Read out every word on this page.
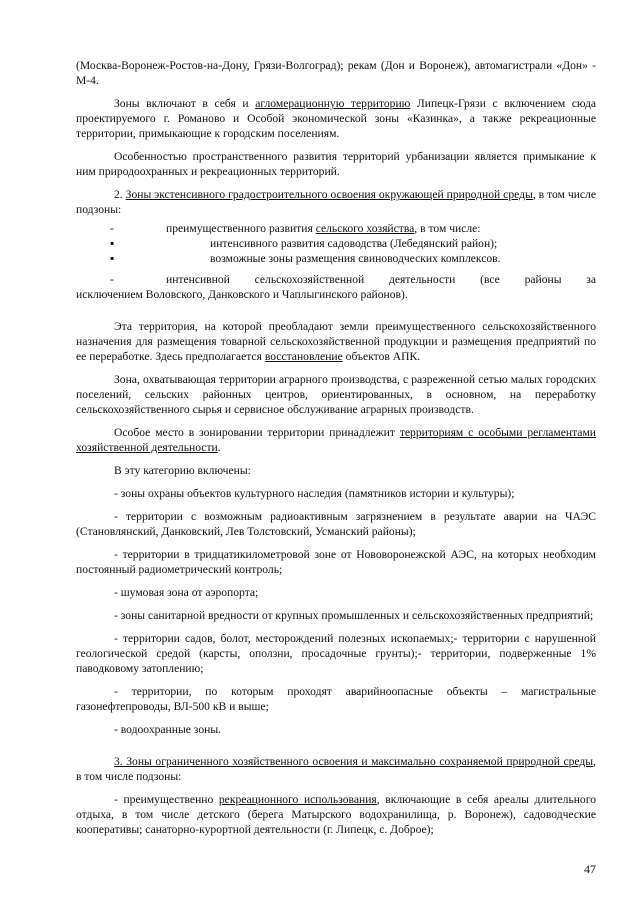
(Москва-Воронеж-Ростов-на-Дону, Грязи-Волгоград); рекам (Дон и Воронеж), автомагистрали «Дон» - М-4.

Зоны включают в себя и агломерационную территорию Липецк-Грязи с включением сюда проектируемого г. Романово и Особой экономической зоны «Казинка», а также рекреационные территории, примыкающие к городским поселениям.

Особенностью пространственного развития территорий урбанизации является примыкание к ним природоохранных и рекреационных территорий.

2. Зоны экстенсивного градостроительного освоения окружающей природной среды, в том числе подзоны:

-	преимущественного развития сельского хозяйства, в том числе:
▪	интенсивного развития садоводства (Лебедянский район);
▪	возможные зоны размещения свиноводческих комплексов.
-	интенсивной сельскохозяйственной деятельности (все районы за

исключением Воловского, Данковского и Чаплыгинского районов).

Эта территория, на которой преобладают земли преимущественного сельскохозяйственного назначения для размещения товарной сельскохозяйственной продукции и размещения предприятий по ее переработке. Здесь предполагается восстановление объектов АПК.

Зона, охватывающая территории аграрного производства, с разреженной сетью малых городских поселений, сельских районных центров, ориентированных, в основном, на переработку сельскохозяйственного сырья и сервисное обслуживание аграрных производств.

Особое место в зонировании территории принадлежит территориям с особыми регламентами хозяйственной деятельности.

В эту категорию включены:

- зоны охраны объектов культурного наследия (памятников истории и культуры);

- территории с возможным радиоактивным загрязнением в результате аварии на ЧАЭС (Становлянский, Данковский, Лев Толстовский, Усманский районы);

- территории в тридцатикилометровой зоне от Нововоронежской АЭС, на которых необходим постоянный радиометрический контроль;

- шумовая зона от аэропорта;

- зоны санитарной вредности от крупных промышленных и сельскохозяйственных предприятий;

- территории садов, болот, месторождений полезных ископаемых;- территории с нарушенной геологической средой (карсты, оползни, просадочные грунты);- территории, подверженные 1% паводковому затоплению;

- территории, по которым проходят аварийноопасные объекты – магистральные газонефтепроводы, ВЛ-500 кВ и выше;

- водоохранные зоны.

3. Зоны ограниченного хозяйственного освоения и максимально сохраняемой природной среды, в том числе подзоны:

- преимущественно рекреационного использования, включающие в себя ареалы длительного отдыха, в том числе детского (берега Матырского водохранилища, р. Воронеж), садоводческие кооперативы; санаторно-курортной деятельности (г. Липецк, с. Доброе);

47
